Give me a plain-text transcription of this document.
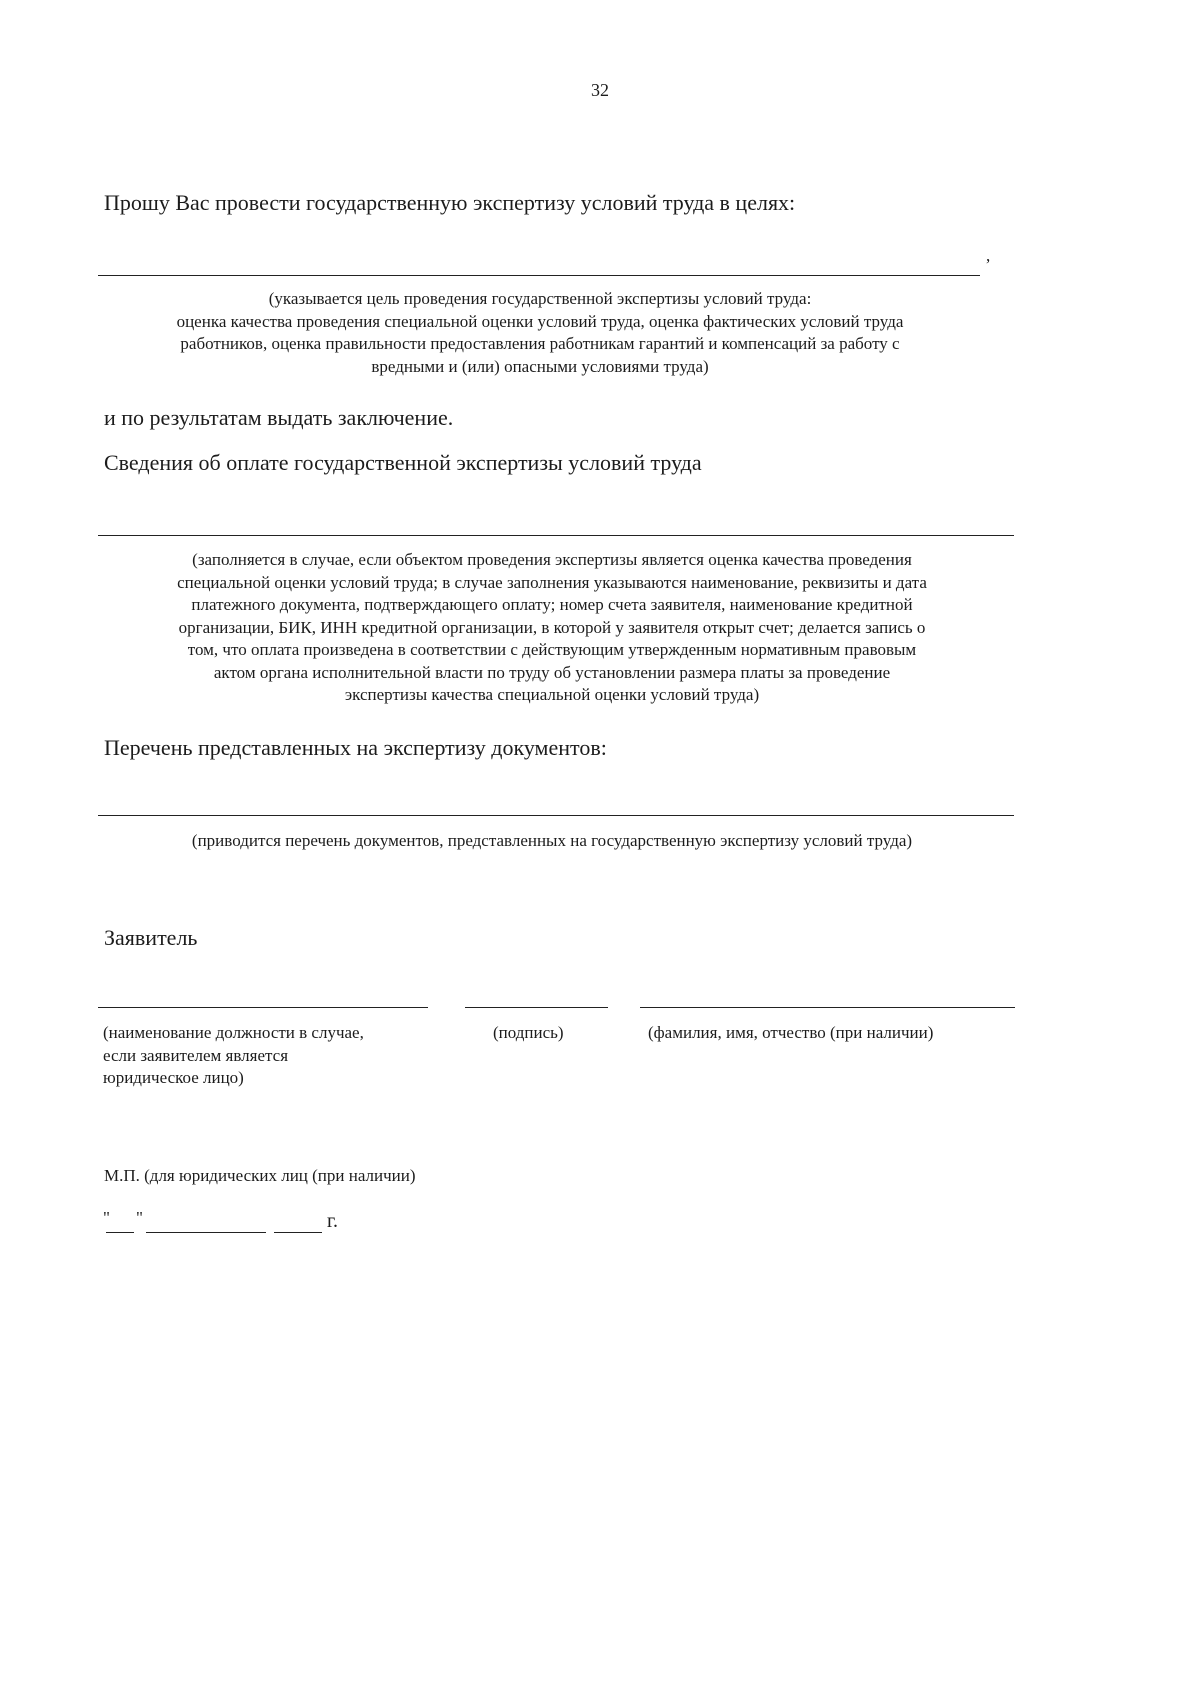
32
Прошу Вас провести государственную экспертизу условий труда в целях:
,
(указывается цель проведения государственной экспертизы условий труда:
оценка качества проведения специальной оценки условий труда, оценка фактических условий труда
работников, оценка правильности предоставления работникам гарантий и компенсаций за работу с
вредными и (или) опасными условиями труда)
и по результатам выдать заключение.
Сведения об оплате государственной экспертизы условий труда
(заполняется в случае, если объектом проведения экспертизы является оценка качества проведения
специальной оценки условий труда; в случае заполнения указываются наименование, реквизиты и дата
платежного документа, подтверждающего оплату; номер счета заявителя, наименование кредитной
организации, БИК, ИНН кредитной организации, в которой у заявителя открыт счет; делается запись о
том, что оплата произведена в соответствии с действующим утвержденным нормативным правовым
актом органа исполнительной власти по труду об установлении размера платы за проведение
экспертизы качества специальной оценки условий труда)
Перечень представленных на экспертизу документов:
(приводится перечень документов, представленных на государственную экспертизу условий труда)
Заявитель
(наименование должности в случае,
если заявителем является
юридическое лицо)
(подпись)	(фамилия, имя, отчество (при наличии)
М.П. (для юридических лиц (при наличии)
" "	г.
